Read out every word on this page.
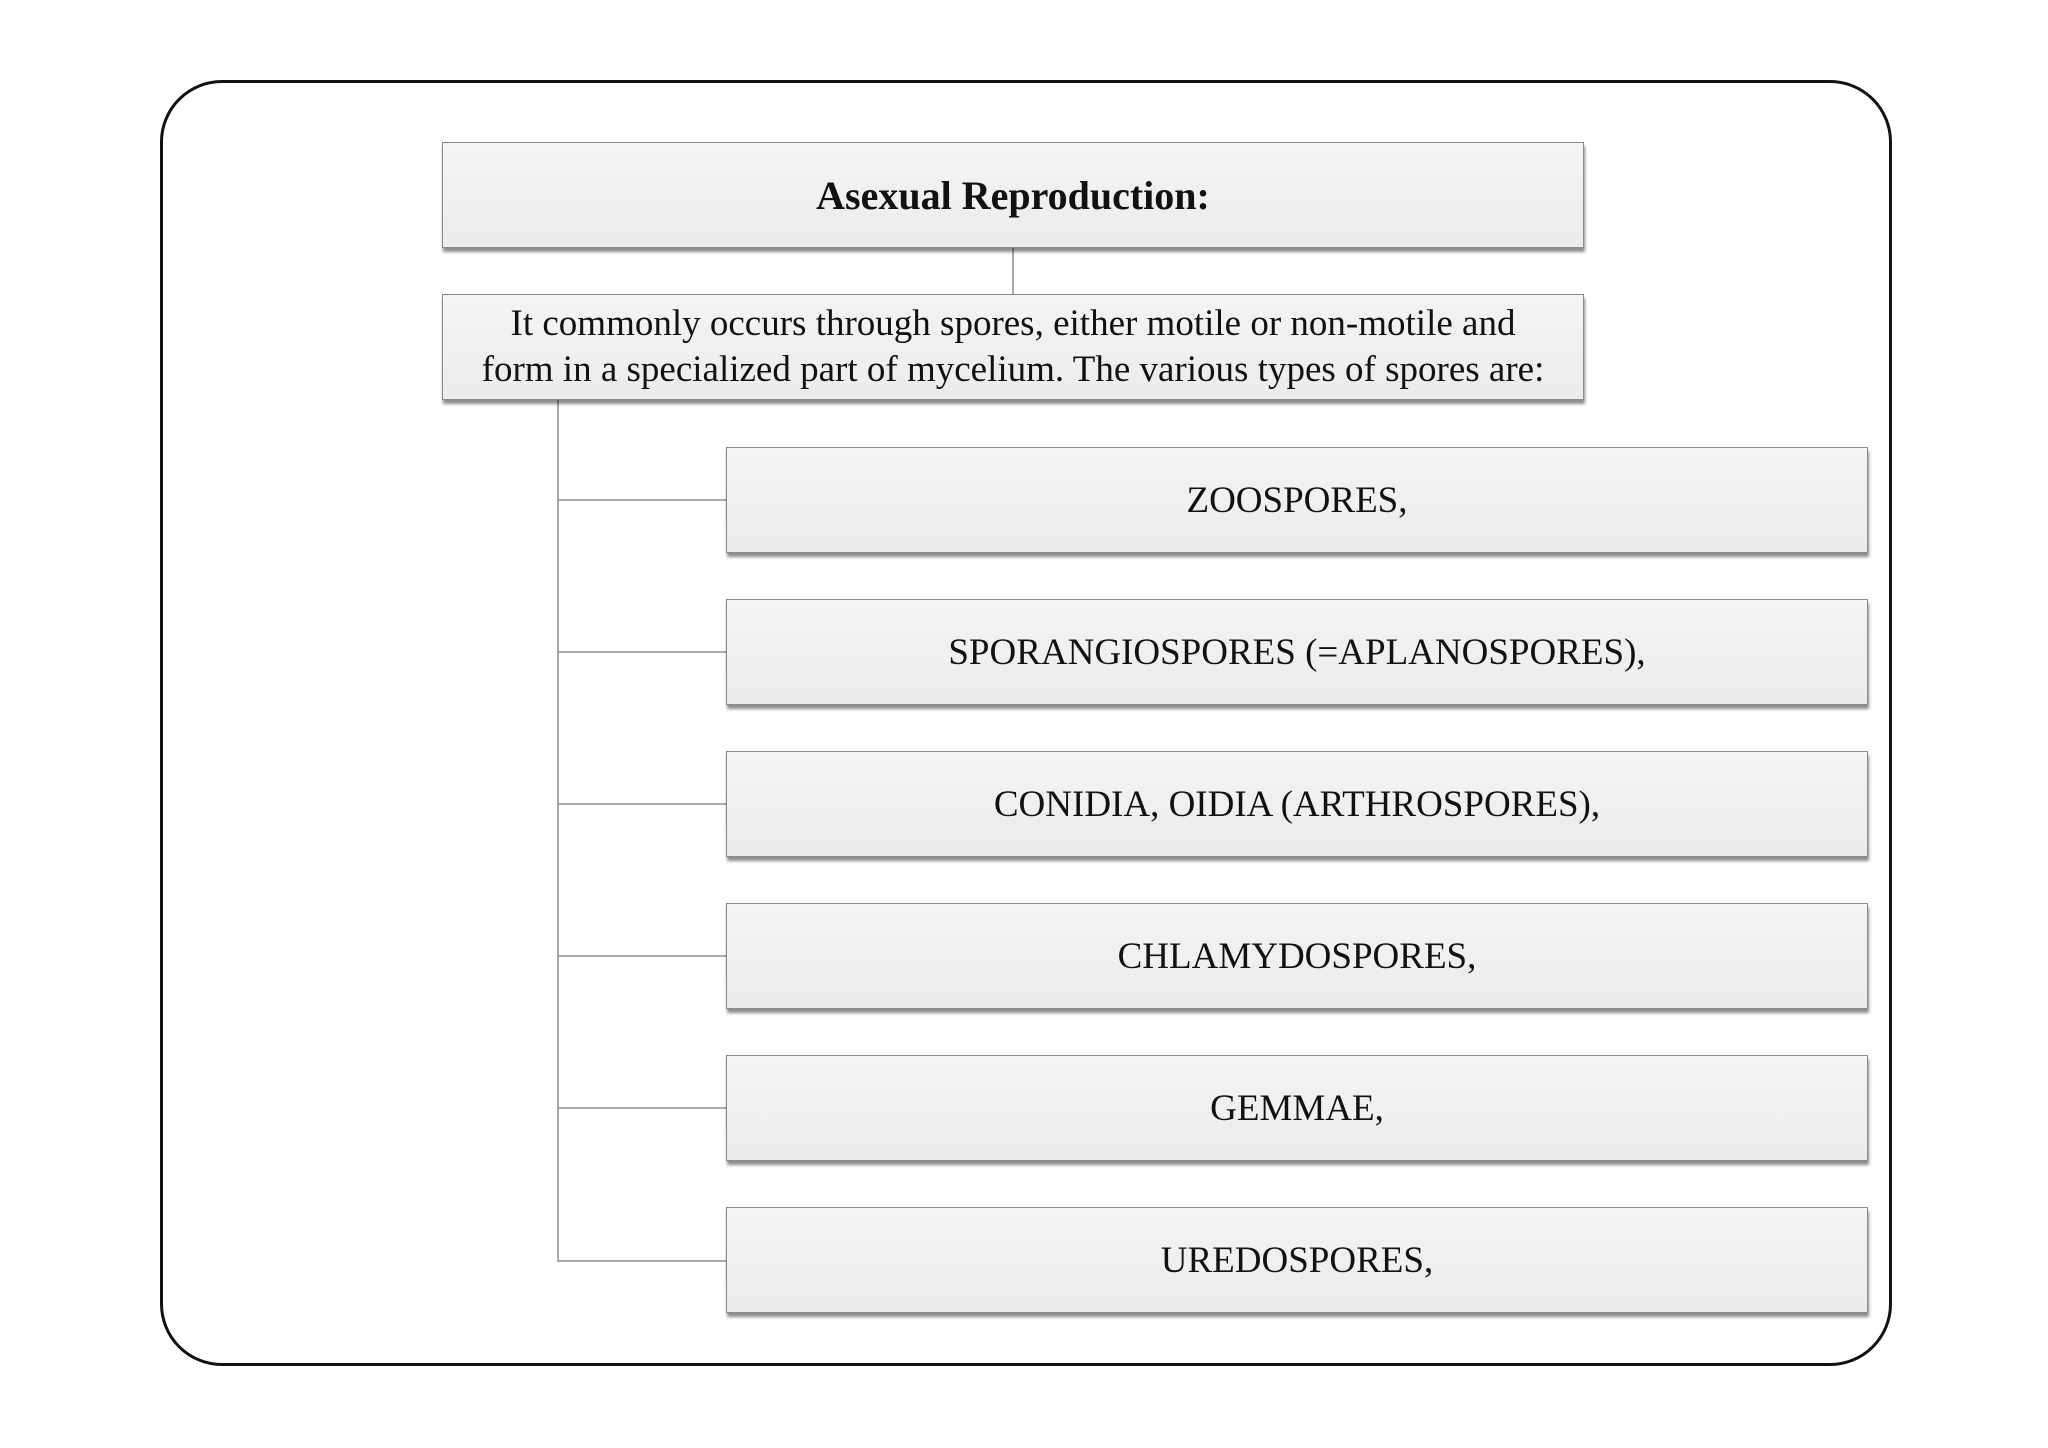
Asexual Reproduction:
It commonly occurs through spores, either motile or non-motile and
form in a specialized part of mycelium. The various types of spores are:
ZOOSPORES,
SPORANGIOSPORES (=APLANOSPORES),
CONIDIA, OIDIA (ARTHROSPORES),
CHLAMYDOSPORES,
GEMMAE,
UREDOSPORES,
